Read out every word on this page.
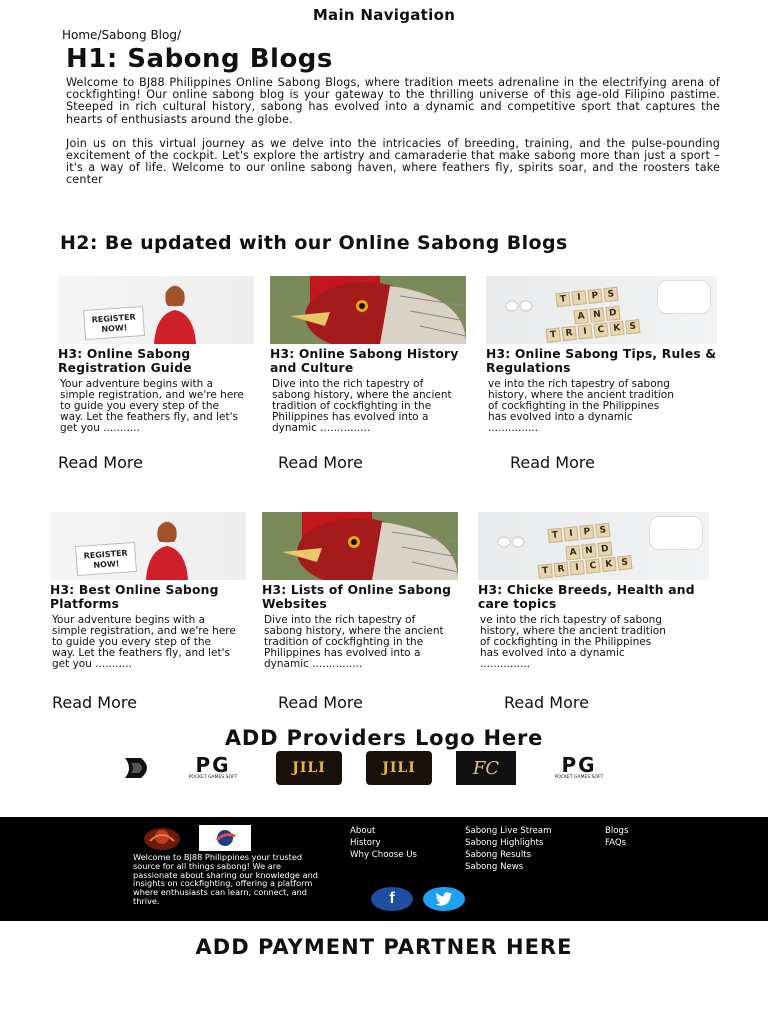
Main Navigation
Home/Sabong Blog/
H1: Sabong Blogs

Welcome to BJ88 Philippines Online Sabong Blogs, where tradition meets adrenaline in the electrifying arena of cockfighting! Our online sabong blog is your gateway to the thrilling universe of this age-old Filipino pastime. Steeped in rich cultural history, sabong has evolved into a dynamic and competitive sport that captures the hearts of enthusiasts around the globe.

Join us on this virtual journey as we delve into the intricacies of breeding, training, and the pulse-pounding excitement of the cockpit. Let's explore the artistry and camaraderie that make sabong more than just a sport – it's a way of life. Welcome to our online sabong haven, where feathers fly, spirits soar, and the roosters take center

H2: Be updated with our Online Sabong Blogs
REGISTER NOW!
H3: Online Sabong Registration Guide
Your adventure begins with a simple registration, and we're here to guide you every step of the way. Let the feathers fly, and let's get you ...........
Read More
H3: Online Sabong History and Culture
Dive into the rich tapestry of sabong history, where the ancient tradition of cockfighting in the Philippines has evolved into a dynamic ...............
Read More
T	I	P S
A N D
T R	I	C K S
H3: Online Sabong Tips, Rules & Regulations
ve into the rich tapestry of sabong history, where the ancient tradition of cockfighting in the Philippines has evolved into a dynamic ...............
Read More
REGISTER NOW!
H3: Best Online Sabong Platforms
Your adventure begins with a simple registration, and we're here to guide you every step of the way. Let the feathers fly, and let's get you ...........
Read More
H3: Lists of Online Sabong Websites
Dive into the rich tapestry of sabong history, where the ancient tradition of cockfighting in the Philippines has evolved into a dynamic ...............
Read More
T	I	P S
A N D
T R	I	C K S
H3: Chicke Breeds, Health and care topics
ve into the rich tapestry of sabong history, where the ancient tradition of cockfighting in the Philippines has evolved into a dynamic ...............
Read More
ADD Providers Logo Here
PG
POCKET GAMES SOFT
JILI	JILI	FC	PG
POCKET GAMES SOFT
Welcome to BJ88 Philippines your trusted source for all things sabong! We are passionate about sharing our knowledge and insights on cockfighting, offering a platform where enthusiasts can learn, connect, and thrive.
About
History
Why Choose Us
Sabong Live Stream
Sabong Highlights
Sabong Results
Sabong News
Blogs
FAQs
f
ADD PAYMENT PARTNER HERE
